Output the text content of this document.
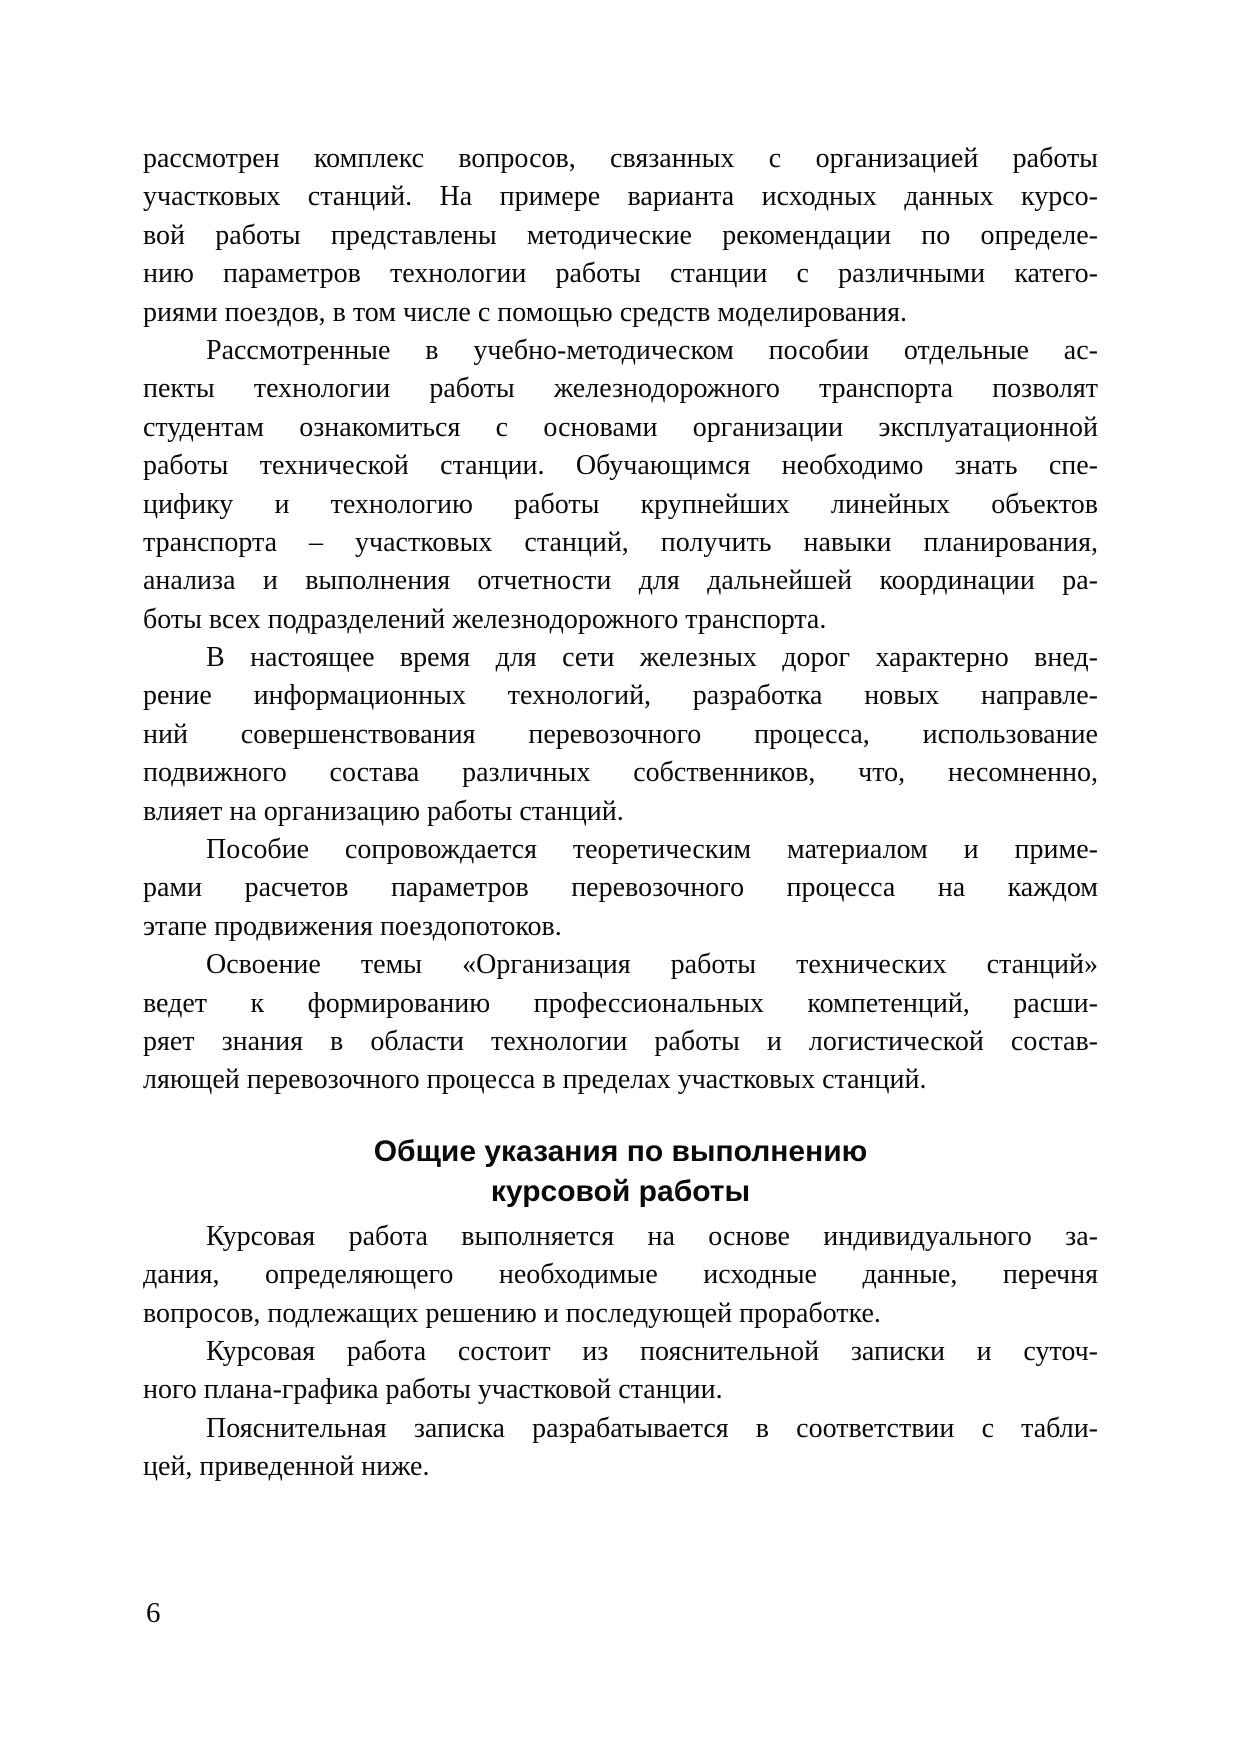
рассмотрен комплекс вопросов, связанных с организацией работы
участковых станций. На примере варианта исходных данных курсо-
вой работы представлены методические рекомендации по определе-
нию параметров технологии работы станции с различными катего-
риями поездов, в том числе с помощью средств моделирования.
Рассмотренные в учебно-методическом пособии отдельные ас-
пекты технологии работы железнодорожного транспорта позволят
студентам ознакомиться с основами организации эксплуатационной
работы технической станции. Обучающимся необходимо знать спе-
цифику и технологию работы крупнейших линейных объектов
транспорта – участковых станций, получить навыки планирования,
анализа и выполнения отчетности для дальнейшей координации ра-
боты всех подразделений железнодорожного транспорта.
В настоящее время для сети железных дорог характерно внед-
рение информационных технологий, разработка новых направле-
ний совершенствования перевозочного процесса, использование
подвижного состава различных собственников, что, несомненно,
влияет на организацию работы станций.
Пособие сопровождается теоретическим материалом и приме-
рами расчетов параметров перевозочного процесса на каждом
этапе продвижения поездопотоков.
Освоение темы «Организация работы технических станций»
ведет к формированию профессиональных компетенций, расши-
ряет знания в области технологии работы и логистической состав-
ляющей перевозочного процесса в пределах участковых станций.
Общие указания по выполнению
курсовой работы
Курсовая работа выполняется на основе индивидуального за-
дания, определяющего необходимые исходные данные, перечня
вопросов, подлежащих решению и последующей проработке.
Курсовая работа состоит из пояснительной записки и суточ-
ного плана-графика работы участковой станции.
Пояснительная записка разрабатывается в соответствии с табли-
цей, приведенной ниже.
6
